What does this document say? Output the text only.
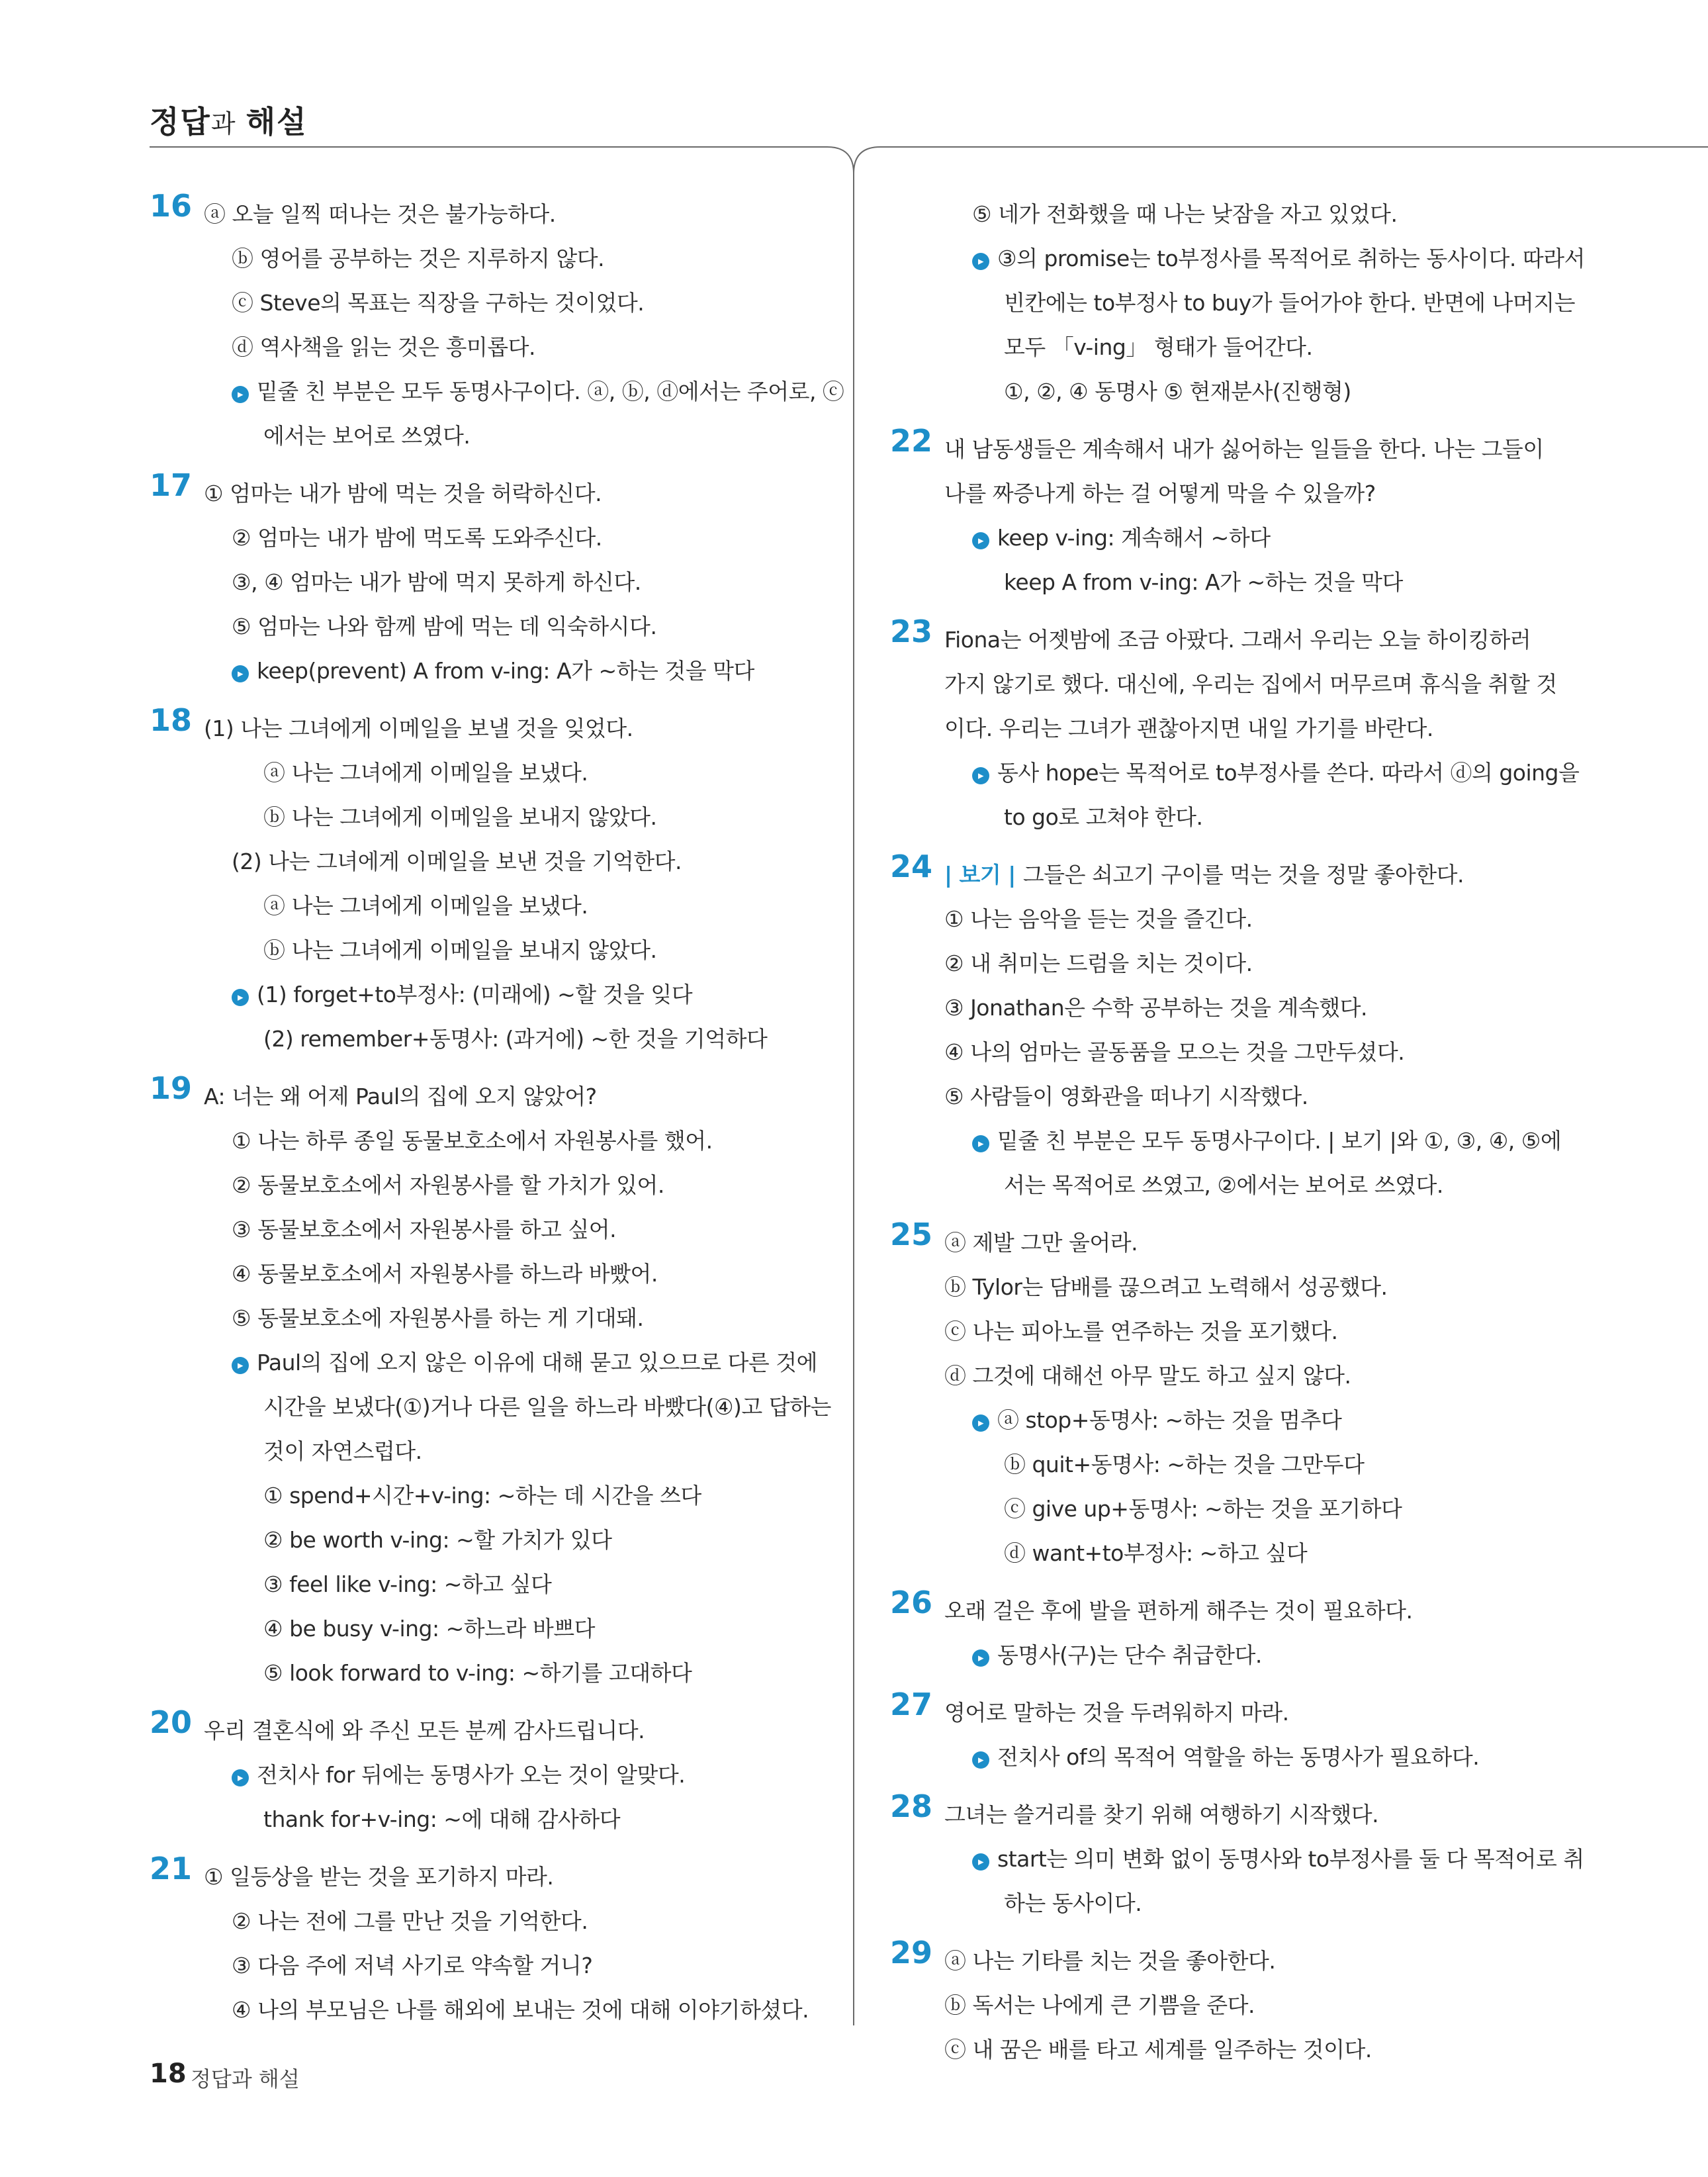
정답과 해설
16 ⓐ 오늘 일찍 떠나는 것은 불가능하다.
ⓑ 영어를 공부하는 것은 지루하지 않다.
ⓒ Steve의 목표는 직장을 구하는 것이었다.
ⓓ 역사책을 읽는 것은 흥미롭다.
▸ 밑줄 친 부분은 모두 동명사구이다. ⓐ, ⓑ, ⓓ에서는 주어로, ⓒ
에서는 보어로 쓰였다.
17 ① 엄마는 내가 밤에 먹는 것을 허락하신다.
② 엄마는 내가 밤에 먹도록 도와주신다.
③, ④ 엄마는 내가 밤에 먹지 못하게 하신다.
⑤ 엄마는 나와 함께 밤에 먹는 데 익숙하시다.
▸ keep(prevent) A from v-ing: A가 ~하는 것을 막다
18 (1) 나는 그녀에게 이메일을 보낼 것을 잊었다.
ⓐ 나는 그녀에게 이메일을 보냈다.
ⓑ 나는 그녀에게 이메일을 보내지 않았다.
(2) 나는 그녀에게 이메일을 보낸 것을 기억한다.
ⓐ 나는 그녀에게 이메일을 보냈다.
ⓑ 나는 그녀에게 이메일을 보내지 않았다.
▸ (1) forget+to부정사: (미래에) ~할 것을 잊다
(2) remember+동명사: (과거에) ~한 것을 기억하다
19 A: 너는 왜 어제 Paul의 집에 오지 않았어?
① 나는 하루 종일 동물보호소에서 자원봉사를 했어.
② 동물보호소에서 자원봉사를 할 가치가 있어.
③ 동물보호소에서 자원봉사를 하고 싶어.
④ 동물보호소에서 자원봉사를 하느라 바빴어.
⑤ 동물보호소에 자원봉사를 하는 게 기대돼.
▸ Paul의 집에 오지 않은 이유에 대해 묻고 있으므로 다른 것에
시간을 보냈다(①)거나 다른 일을 하느라 바빴다(④)고 답하는
것이 자연스럽다.
① spend+시간+v-ing: ~하는 데 시간을 쓰다
② be worth v-ing: ~할 가치가 있다
③ feel like v-ing: ~하고 싶다
④ be busy v-ing: ~하느라 바쁘다
⑤ look forward to v-ing: ~하기를 고대하다
20 우리 결혼식에 와 주신 모든 분께 감사드립니다.
▸ 전치사 for 뒤에는 동명사가 오는 것이 알맞다.
thank for+v-ing: ~에 대해 감사하다
21 ① 일등상을 받는 것을 포기하지 마라.
② 나는 전에 그를 만난 것을 기억한다.
③ 다음 주에 저녁 사기로 약속할 거니?
④ 나의 부모님은 나를 해외에 보내는 것에 대해 이야기하셨다.
⑤ 네가 전화했을 때 나는 낮잠을 자고 있었다.
▸ ③의 promise는 to부정사를 목적어로 취하는 동사이다. 따라서
빈칸에는 to부정사 to buy가 들어가야 한다. 반면에 나머지는
모두 「v-ing」 형태가 들어간다.
①, ②, ④ 동명사 ⑤ 현재분사(진행형)
22 내 남동생들은 계속해서 내가 싫어하는 일들을 한다. 나는 그들이
나를 짜증나게 하는 걸 어떻게 막을 수 있을까?
▸ keep v-ing: 계속해서 ~하다
keep A from v-ing: A가 ~하는 것을 막다
23 Fiona는 어젯밤에 조금 아팠다. 그래서 우리는 오늘 하이킹하러
가지 않기로 했다. 대신에, 우리는 집에서 머무르며 휴식을 취할 것
이다. 우리는 그녀가 괜찮아지면 내일 가기를 바란다.
▸ 동사 hope는 목적어로 to부정사를 쓴다. 따라서 ⓓ의 going을
to go로 고쳐야 한다.
24 | 보기 | 그들은 쇠고기 구이를 먹는 것을 정말 좋아한다.
① 나는 음악을 듣는 것을 즐긴다.
② 내 취미는 드럼을 치는 것이다.
③ Jonathan은 수학 공부하는 것을 계속했다.
④ 나의 엄마는 골동품을 모으는 것을 그만두셨다.
⑤ 사람들이 영화관을 떠나기 시작했다.
▸ 밑줄 친 부분은 모두 동명사구이다. | 보기 |와 ①, ③, ④, ⑤에
서는 목적어로 쓰였고, ②에서는 보어로 쓰였다.
25 ⓐ 제발 그만 울어라.
ⓑ Tylor는 담배를 끊으려고 노력해서 성공했다.
ⓒ 나는 피아노를 연주하는 것을 포기했다.
ⓓ 그것에 대해선 아무 말도 하고 싶지 않다.
▸ ⓐ stop+동명사: ~하는 것을 멈추다
ⓑ quit+동명사: ~하는 것을 그만두다
ⓒ give up+동명사: ~하는 것을 포기하다
ⓓ want+to부정사: ~하고 싶다
26 오래 걸은 후에 발을 편하게 해주는 것이 필요하다.
▸ 동명사(구)는 단수 취급한다.
27 영어로 말하는 것을 두려워하지 마라.
▸ 전치사 of의 목적어 역할을 하는 동명사가 필요하다.
28 그녀는 쓸거리를 찾기 위해 여행하기 시작했다.
▸ start는 의미 변화 없이 동명사와 to부정사를 둘 다 목적어로 취
하는 동사이다.
29 ⓐ 나는 기타를 치는 것을 좋아한다.
ⓑ 독서는 나에게 큰 기쁨을 준다.
ⓒ 내 꿈은 배를 타고 세계를 일주하는 것이다.
18 정답과 해설
